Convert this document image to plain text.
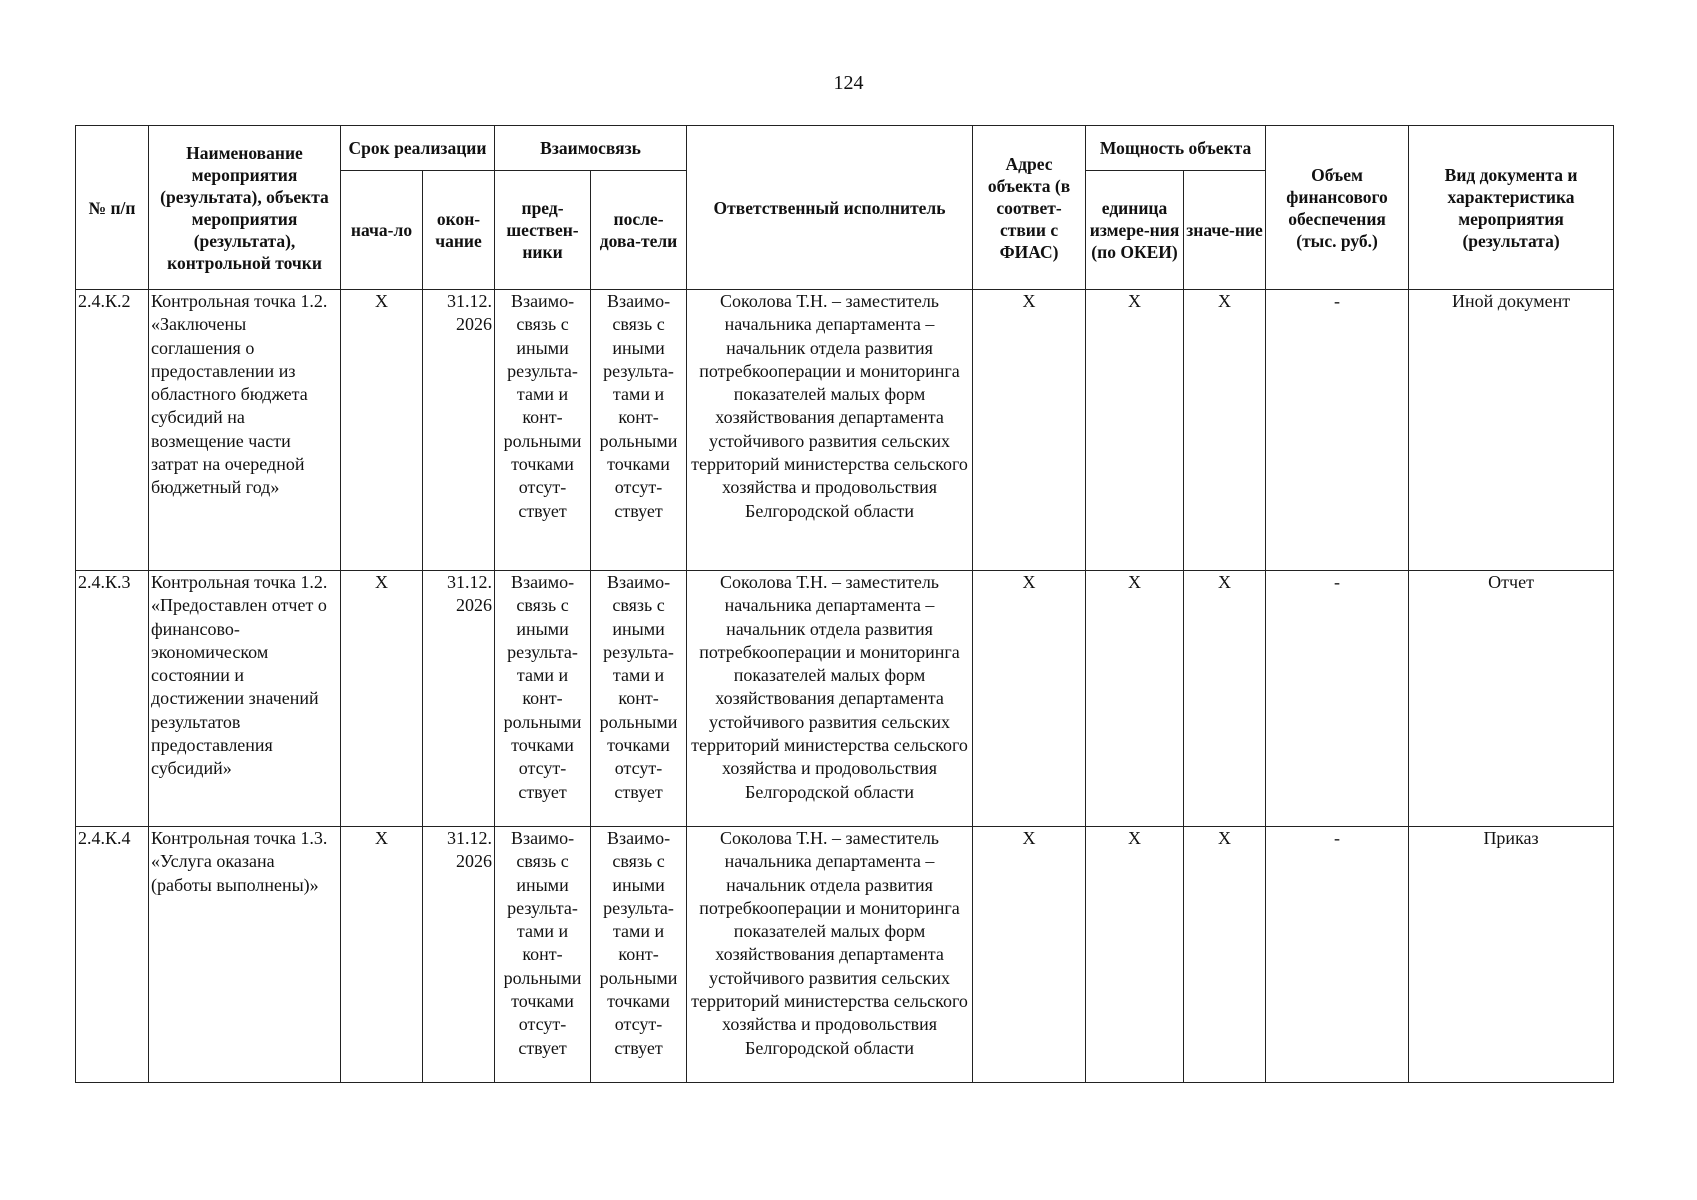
124
№ п/п	Наименование мероприятия (результата), объекта мероприятия (результата), контрольной точки	Срок реализации		Взаимосвязь		Ответственный исполнитель	Адрес объекта (в соответ-ствии с ФИАС)	Мощность объекта		Объем финансового обеспечения (тыс. руб.)	Вид документа и характеристика мероприятия (результата)
		нача-ло	окон-чание	пред-шествен-ники	после-дова-тели			единица измере-ния (по ОКЕИ)	значе-ние		
2.4.К.2	Контрольная точка 1.2. «Заключены соглашения о предоставлении из областного бюджета субсидий на возмещение части затрат на очередной бюджетный год»	X	31.12. 2026	Взаимо-связь с иными результа-тами и конт-рольными точками отсут-ствует	Взаимо-связь с иными результа-тами и конт-рольными точками отсут-ствует	Соколова Т.Н. – заместитель начальника департамента – начальник отдела развития потребкооперации и мониторинга показателей малых форм хозяйствования департамента устойчивого развития сельских территорий министерства сельского хозяйства и продовольствия Белгородской области	X	X	X	-	Иной документ
2.4.К.3	Контрольная точка 1.2. «Предоставлен отчет о финансово-экономическом состоянии и достижении значений результатов предоставления субсидий»	X	31.12. 2026	Взаимо-связь с иными результа-тами и конт-рольными точками отсут-ствует	Взаимо-связь с иными результа-тами и конт-рольными точками отсут-ствует	Соколова Т.Н. – заместитель начальника департамента – начальник отдела развития потребкооперации и мониторинга показателей малых форм хозяйствования департамента устойчивого развития сельских территорий министерства сельского хозяйства и продовольствия Белгородской области	X	X	X	-	Отчет
2.4.К.4	Контрольная точка 1.3. «Услуга оказана (работы выполнены)»	X	31.12. 2026	Взаимо-связь с иными результа-тами и конт-рольными точками отсут-ствует	Взаимо-связь с иными результа-тами и конт-рольными точками отсут-ствует	Соколова Т.Н. – заместитель начальника департамента – начальник отдела развития потребкооперации и мониторинга показателей малых форм хозяйствования департамента устойчивого развития сельских территорий министерства сельского хозяйства и продовольствия Белгородской области	X	X	X	-	Приказ
